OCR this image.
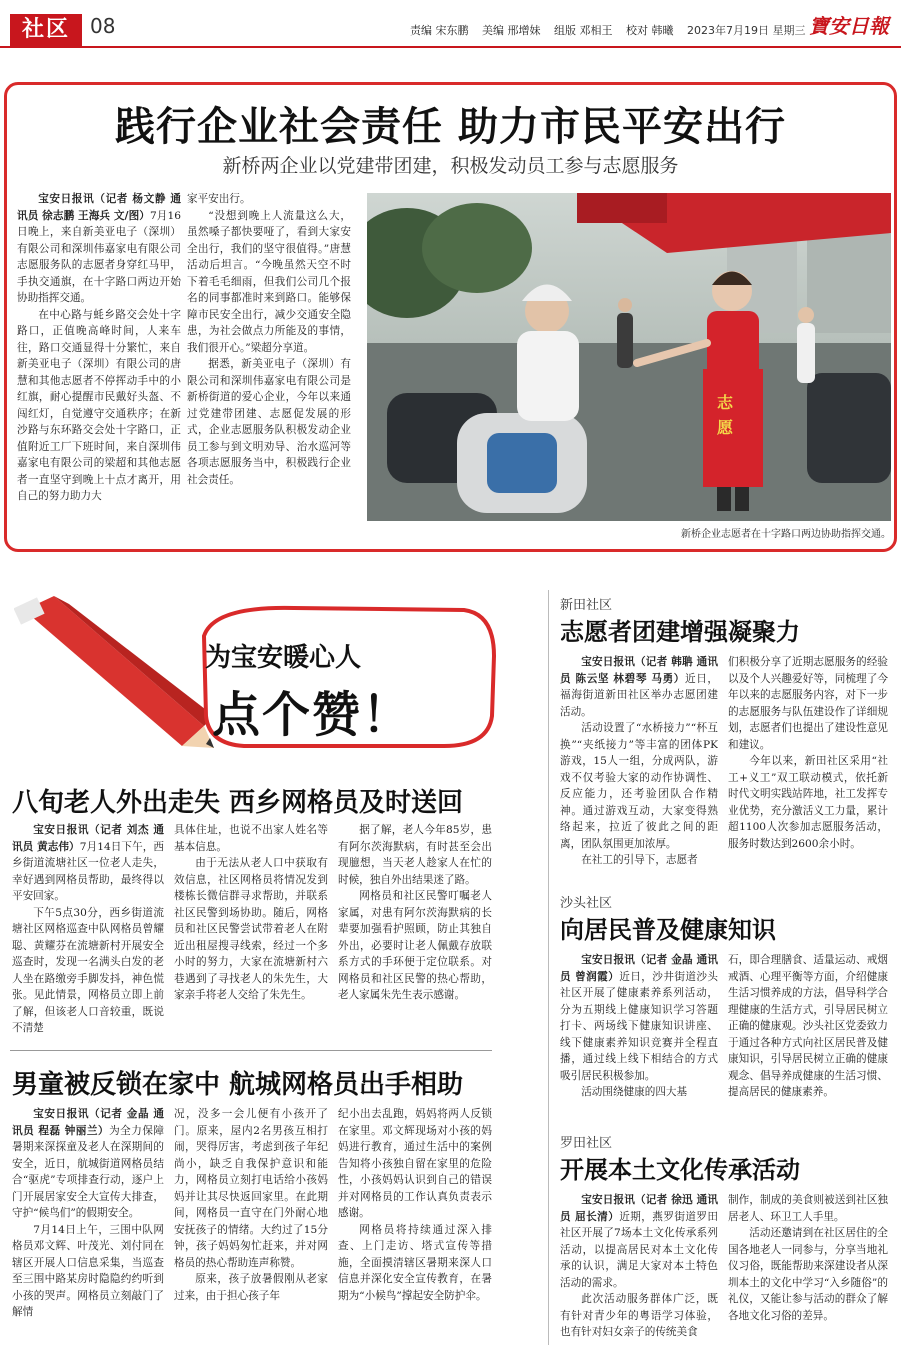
社区	08	责编 宋东鹏 美编 邢增妹 组版 邓相王 校对 韩曦 2023年7月19日 星期三 寶安日報
践行企业社会责任 助力市民平安出行
新桥两企业以党建带团建，积极发动员工参与志愿服务

宝安日报讯（记者 杨文静 通讯员 徐志鹏 王海兵 文/图）7月16日晚上，来自新美亚电子（深圳）有限公司和深圳伟嘉家电有限公司志愿服务队的志愿者身穿红马甲，手执交通旗，在十字路口两边开始协助指挥交通。

在中心路与蚝乡路交会处十字路口，正值晚高峰时间，人来车往，路口交通显得十分繁忙，来自新美亚电子（深圳）有限公司的唐慧和其他志愿者不停挥动手中的小红旗，耐心提醒市民戴好头盔、不闯红灯，自觉遵守交通秩序；在新沙路与东环路交会处十字路口，正值附近工厂下班时间，来自深圳伟嘉家电有限公司的梁超和其他志愿者一直坚守到晚上十点才离开，用自己的努力助力大

家平安出行。

“没想到晚上人流量这么大，虽然嗓子都快要哑了，看到大家安全出行，我们的坚守很值得。”唐慧活动后坦言。“今晚虽然天空不时下着毛毛细雨，但我们公司几个报名的同事都准时来到路口。能够保障市民安全出行，减少交通安全隐患，为社会做点力所能及的事情，我们很开心。”梁超分享道。

据悉，新美亚电子（深圳）有限公司和深圳伟嘉家电有限公司是新桥街道的爱心企业，今年以来通过党建带团建、志愿促发展的形式，企业志愿服务队积极发动企业员工参与到文明劝导、治水巡河等各项志愿服务当中，积极践行企业社会责任。

志
愿
新桥企业志愿者在十字路口两边协助指挥交通。
为宝安暖心人
点个赞！
八旬老人外出走失 西乡网格员及时送回

宝安日报讯（记者 刘杰 通讯员 黄志伟）7月14日下午，西乡街道流塘社区一位老人走失，幸好遇到网格员帮助，最终得以平安回家。

下午5点30分，西乡街道流塘社区网格巡查中队网格员曾耀聪、黄耀芬在流塘新村开展安全巡查时，发现一名满头白发的老人坐在路缴旁手脚发抖，神色慌张。见此情景，网格员立即上前了解，但该老人口音较重，既说不清楚

具体住址，也说不出家人姓名等基本信息。

由于无法从老人口中获取有效信息，社区网格员将情况发到楼栋长微信群寻求帮助，并联系社区民警到场协助。随后，网格员和社区民警尝试带着老人在附近出租屋搜寻线索，经过一个多小时的努力，大家在流塘新村六巷遇到了寻找老人的朱先生，大家亲手将老人交给了朱先生。

据了解，老人今年85岁，患有阿尔茨海默病，有时甚至会出现臆想，当天老人趁家人在忙的时候，独自外出结果迷了路。

网格员和社区民警叮嘱老人家属，对患有阿尔茨海默病的长辈要加强看护照顾，防止其独自外出，必要时让老人佩戴存放联系方式的手环便于定位联系。对网格员和社区民警的热心帮助，老人家属朱先生表示感谢。

男童被反锁在家中 航城网格员出手相助

宝安日报讯（记者 金晶 通讯员 程磊 钟丽兰）为全力保障暑期来深探童及老人在深期间的安全，近日，航城街道网格员结合“驱虎”专项排查行动，逐户上门开展居家安全大宣传大排查，守护“候鸟们”的假期安全。

7月14日上午，三围中队网格员邓文辉、叶茂光、刘付同在辖区开展人口信息采集，当巡查至三围中路某房时隐隐约约听到小孩的哭声。网格员立刻敲门了解情

况，没多一会儿便有小孩开了门。原来，屋内2名男孩互相打闹，哭得厉害，考虑到孩子年纪尚小，缺乏自我保护意识和能力，网格员立刻打电话给小孩妈妈并让其尽快返回家里。在此期间，网格员一直守在门外耐心地安抚孩子的情绪。大约过了15分钟，孩子妈妈匆忙赶来，并对网格员的热心帮助连声称赞。

原来，孩子放暑假刚从老家过来，由于担心孩子年

纪小出去乱跑，妈妈将两人反锁在家里。邓文辉现场对小孩的妈妈进行教育，通过生活中的案例告知将小孩独自留在家里的危险性，小孩妈妈认识到自己的错误并对网格员的工作认真负责表示感谢。

网格员将持续通过深入排查、上门走访、塔式宣传等措施，全面摸清辖区暑期来深人口信息并深化安全宣传教育，在暑期为“小候鸟”撑起安全防护伞。

新田社区
志愿者团建增强凝聚力

宝安日报讯（记者 韩聃 通讯员 陈云坚 林碧琴 马勇）近日，福海街道新田社区举办志愿团建活动。

活动设置了“水桥接力”“杯互换”“夹纸接力”等丰富的团体PK游戏，15人一组，分成两队，游戏不仅考验大家的动作协调性、反应能力，还考验团队合作精神。通过游戏互动，大家变得熟络起来，拉近了彼此之间的距离，团队氛围更加浓厚。

在社工的引导下，志愿者

们积极分享了近期志愿服务的经验以及个人兴趣爱好等，同梳理了今年以来的志愿服务内容，对下一步的志愿服务与队伍建设作了详细规划，志愿者们也提出了建设性意见和建议。

今年以来，新田社区采用“社工+义工”双工联动模式，依托新时代文明实践站阵地，社工发挥专业优势，充分激活义工力量，累计超1100人次参加志愿服务活动，服务时数达到2600余小时。

沙头社区
向居民普及健康知识

宝安日报讯（记者 金晶 通讯员 曾润霞）近日，沙井街道沙头社区开展了健康素养系列活动，分为五期线上健康知识学习答题打卡、两场线下健康知识讲座、线下健康素养知识竞赛并全程直播，通过线上线下相结合的方式吸引居民积极参加。

活动围绕健康的四大基

石，即合理膳食、适量运动、戒烟戒酒、心理平衡等方面，介绍健康生活习惯养成的方法，倡导科学合理健康的生活方式，引导居民树立正确的健康观。沙头社区党委致力于通过各种方式向社区居民普及健康知识，引导居民树立正确的健康观念、倡导养成健康的生活习惯、提高居民的健康素养。

罗田社区
开展本土文化传承活动

宝安日报讯（记者 徐迅 通讯员 屈长清）近期，燕罗街道罗田社区开展了7场本土文化传承系列活动，以提高居民对本土文化传承的认识，满足大家对本土特色活动的需求。

此次活动服务群体广泛，既有针对青少年的粤语学习体验，也有针对妇女亲子的传统美食

制作，制成的美食则被送到社区独居老人、环卫工人手里。

活动还邀请到在社区居住的全国各地老人一同参与，分享当地礼仪习俗，既能帮助来深建设者从深圳本土的文化中学习“入乡随俗”的礼仪，又能让参与活动的群众了解各地文化习俗的差异。
